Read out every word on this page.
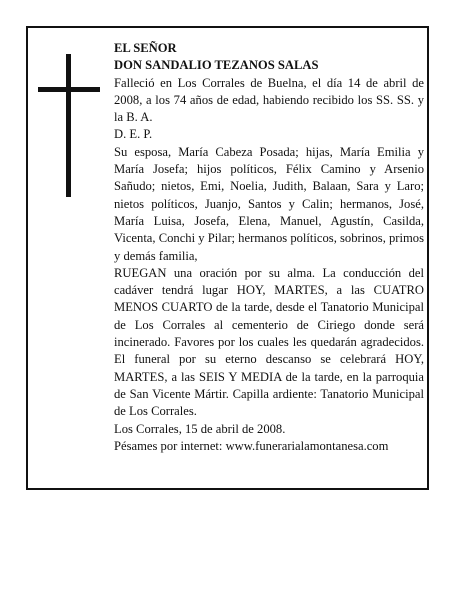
EL SEÑOR

DON SANDALIO TEZANOS SALAS

Falleció en Los Corrales de Buelna, el día 14 de abril de 2008, a los 74 años de edad, habiendo recibido los SS. SS. y la B. A.

D. E. P.

Su esposa, María Cabeza Posada; hijas, María Emilia y María Josefa; hijos políticos, Félix Camino y Arsenio Sañudo; nietos, Emi, Noelia, Judith, Balaan, Sara y Laro; nietos políticos, Juanjo, Santos y Calin; hermanos, José, María Luisa, Josefa, Elena, Manuel, Agustín, Casilda, Vicenta, Conchi y Pilar; hermanos políticos, sobrinos, primos y demás familia,

RUEGAN una oración por su alma. La conducción del cadáver tendrá lugar HOY, MARTES, a las CUATRO MENOS CUARTO de la tarde, desde el Tanatorio Municipal de Los Corrales al cementerio de Ciriego donde será incinerado. Favores por los cuales les quedarán agradecidos. El funeral por su eterno descanso se celebrará HOY, MARTES, a las SEIS Y MEDIA de la tarde, en la parroquia de San Vicente Mártir. Capilla ardiente: Tanatorio Municipal de Los Corrales.

Los Corrales, 15 de abril de 2008.

Pésames por internet: www.funerarialamontanesa.com
